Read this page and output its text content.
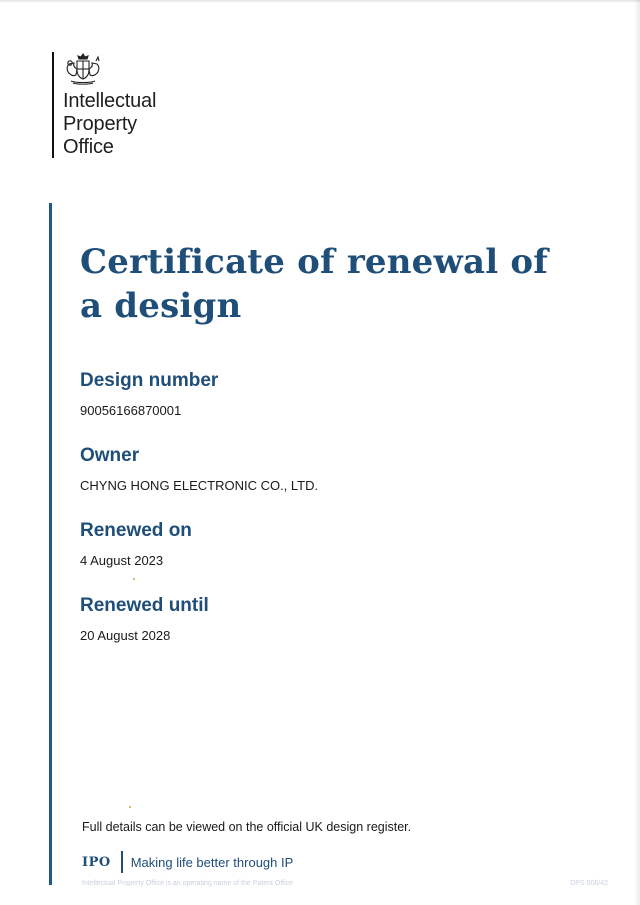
Intellectual
Property
Office
Certificate of renewal of a design
Design number
90056166870001
Owner
CHYNG HONG ELECTRONIC CO., LTD.
Renewed on
4 August 2023
Renewed until
20 August 2028
Full details can be viewed on the official UK design register.
IPO Making life better through IP
Intellectual Property Office is an operating name of the Patent Office	DPS 006/42
